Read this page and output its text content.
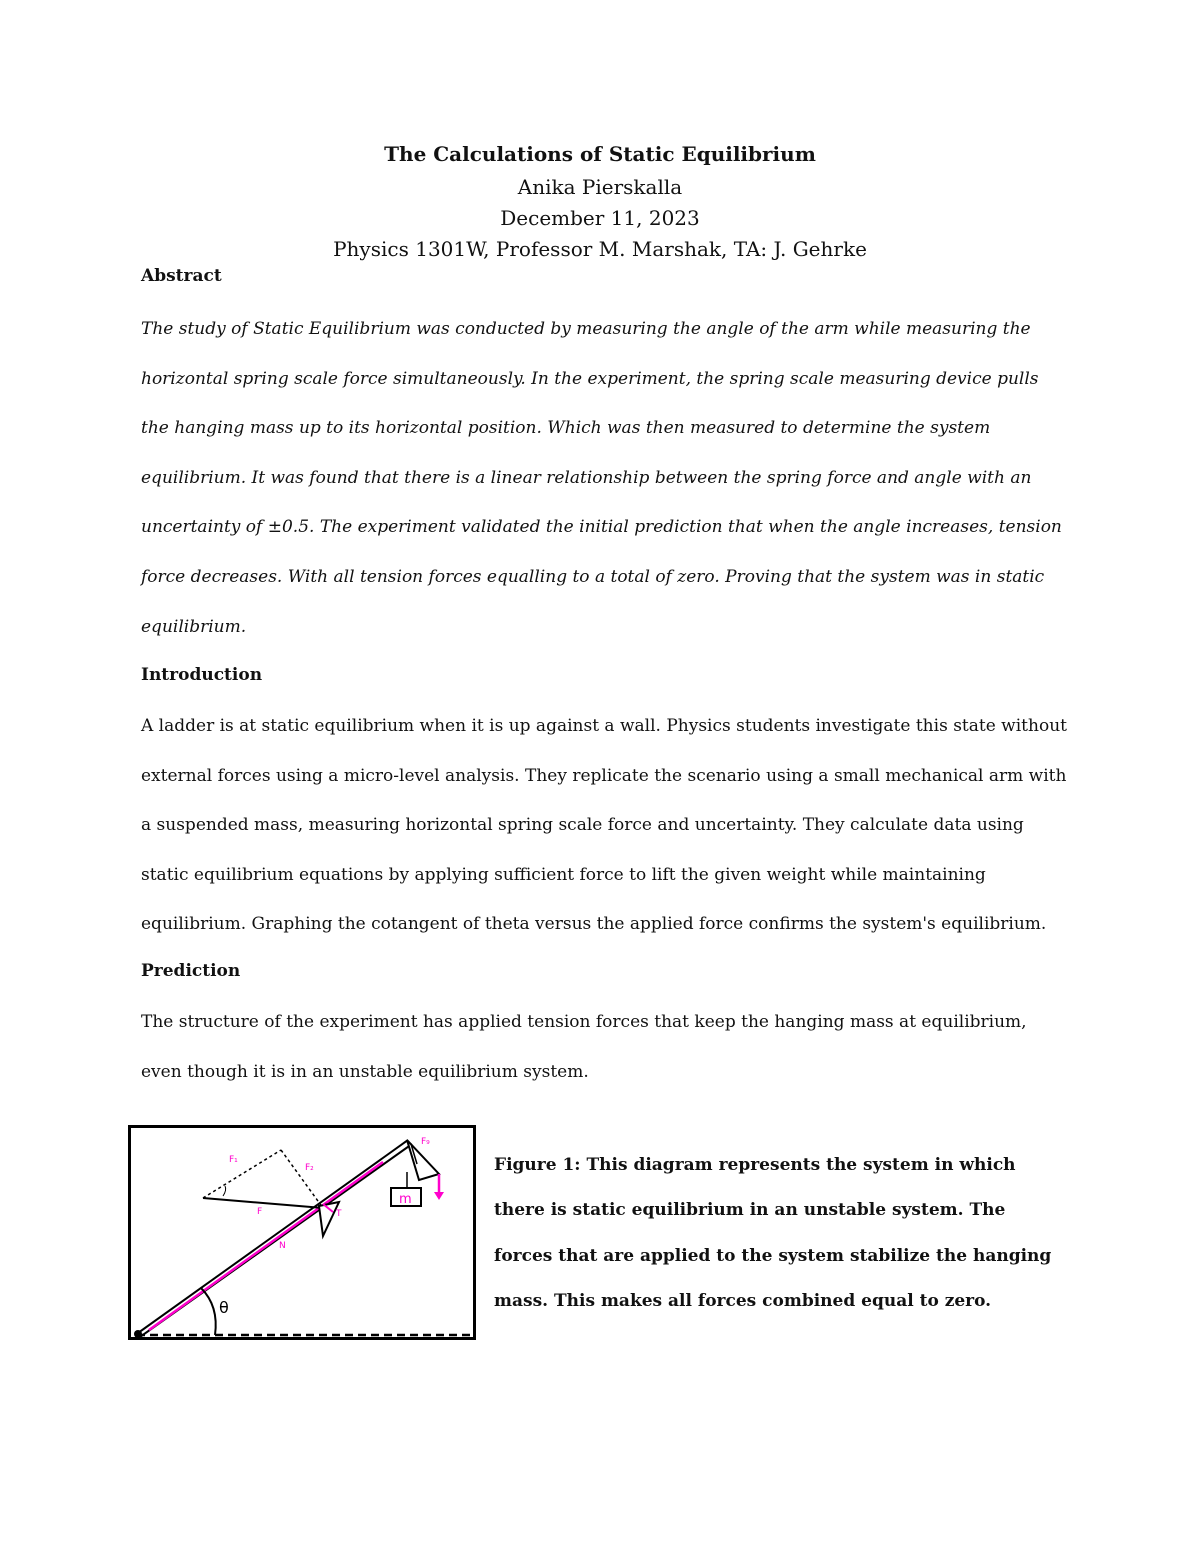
The Calculations of Static Equilibrium
Anika Pierskalla
December 11, 2023
Physics 1301W, Professor M. Marshak, TA: J. Gehrke
Abstract

The study of Static Equilibrium was conducted by measuring the angle of the arm while measuring the horizontal spring scale force simultaneously. In the experiment, the spring scale measuring device pulls the hanging mass up to its horizontal position. Which was then measured to determine the system equilibrium. It was found that there is a linear relationship between the spring force and angle with an uncertainty of ±0.5. The experiment validated the initial prediction that when the angle increases, tension force decreases. With all tension forces equalling to a total of zero. Proving that the system was in static equilibrium.

Introduction

A ladder is at static equilibrium when it is up against a wall. Physics students investigate this state without external forces using a micro-level analysis. They replicate the scenario using a small mechanical arm with a suspended mass, measuring horizontal spring scale force and uncertainty. They calculate data using static equilibrium equations by applying sufficient force to lift the given weight while maintaining equilibrium. Graphing the cotangent of theta versus the applied force confirms the system's equilibrium.

Prediction

The structure of the experiment has applied tension forces that keep the hanging mass at equilibrium, even though it is in an unstable equilibrium system.

θ
F₁
F₂
F	T
N
F₉
m

Figure 1: This diagram represents the system in which there is static equilibrium in an unstable system. The forces that are applied to the system stabilize the hanging mass. This makes all forces combined equal to zero.
